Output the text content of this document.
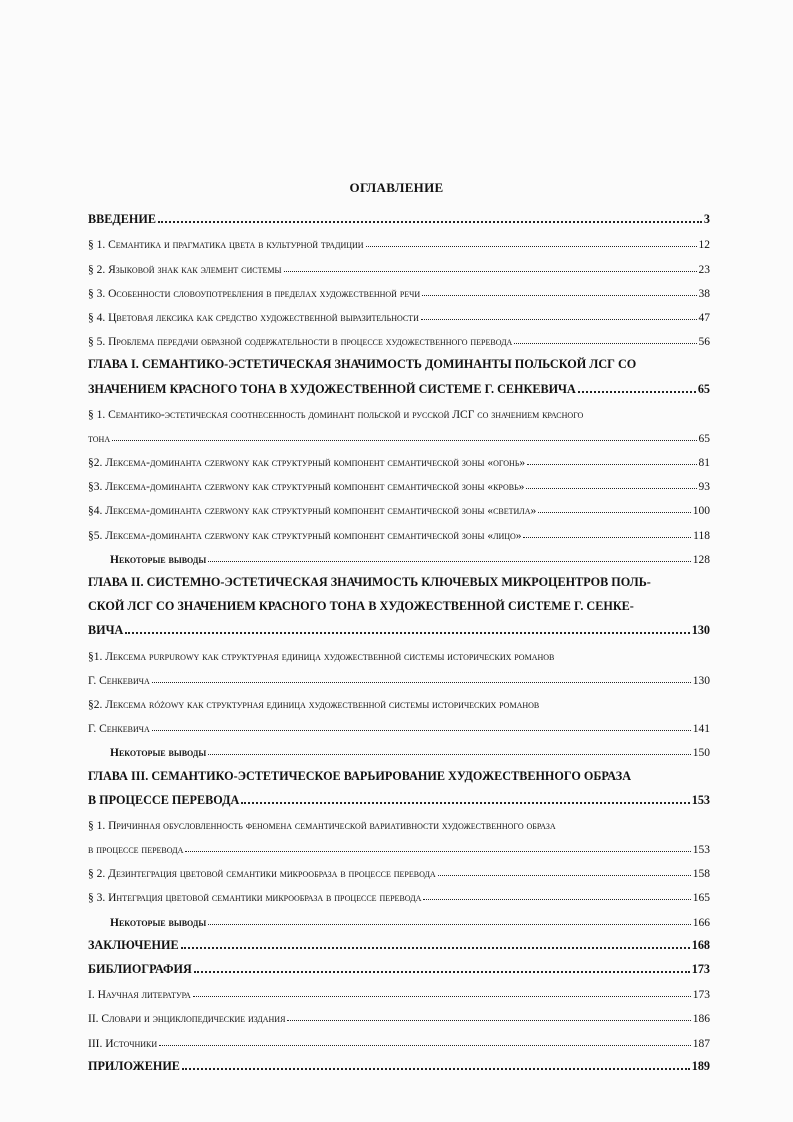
ОГЛАВЛЕНИЕ
ВВЕДЕНИЕ	3
§ 1. Семантика и прагматика цвета в культурной традиции	12
§ 2. Языковой знак как элемент системы	23
§ 3. Особенности словоупотребления в пределах художественной речи	38
§ 4. Цветовая лексика как средство художественной выразительности	47
§ 5. Проблема передачи образной содержательности в процессе художественного перевода	56
ГЛАВА I. СЕМАНТИКО-ЭСТЕТИЧЕСКАЯ ЗНАЧИМОСТЬ ДОМИНАНТЫ ПОЛЬСКОЙ ЛСГ СО
ЗНАЧЕНИЕМ КРАСНОГО ТОНА В ХУДОЖЕСТВЕННОЙ СИСТЕМЕ Г. СЕНКЕВИЧА	65
§ 1. Семантико-эстетическая соотнесенность доминант польской и русской ЛСГ со значением красного
тона	65
§2. Лексема-доминанта czerwony как структурный компонент семантической зоны «огонь»	81
§3. Лексема-доминанта czerwony как структурный компонент семантической зоны «кровь»	93
§4. Лексема-доминанта czerwony как структурный компонент семантической зоны «светила»	100
§5. Лексема-доминанта czerwony как структурный компонент семантической зоны «лицо»	118
Некоторые выводы	128
ГЛАВА II. СИСТЕМНО-ЭСТЕТИЧЕСКАЯ ЗНАЧИМОСТЬ КЛЮЧЕВЫХ МИКРОЦЕНТРОВ ПОЛЬ-
СКОЙ ЛСГ СО ЗНАЧЕНИЕМ КРАСНОГО ТОНА В ХУДОЖЕСТВЕННОЙ СИСТЕМЕ Г. СЕНКЕ-
ВИЧА	130
§1. Лексема purpurowy как структурная единица художественной системы исторических романов
Г. Сенкевича	130
§2. Лексема różowy как структурная единица художественной системы исторических романов
Г. Сенкевича	141
Некоторые выводы	150
ГЛАВА III. СЕМАНТИКО-ЭСТЕТИЧЕСКОЕ ВАРЬИРОВАНИЕ ХУДОЖЕСТВЕННОГО ОБРАЗА
В ПРОЦЕССЕ ПЕРЕВОДА	153
§ 1. Причинная обусловленность феномена семантической вариативности художественного образа
в процессе перевода	153
§ 2. Дезинтеграция цветовой семантики микрообраза в процессе перевода	158
§ 3. Интеграция цветовой семантики микрообраза в процессе перевода	165
Некоторые выводы	166
ЗАКЛЮЧЕНИЕ	168
БИБЛИОГРАФИЯ	173
I. Научная литература	173
II. Словари и энциклопедические издания	186
III. Источники	187
ПРИЛОЖЕНИЕ	189
